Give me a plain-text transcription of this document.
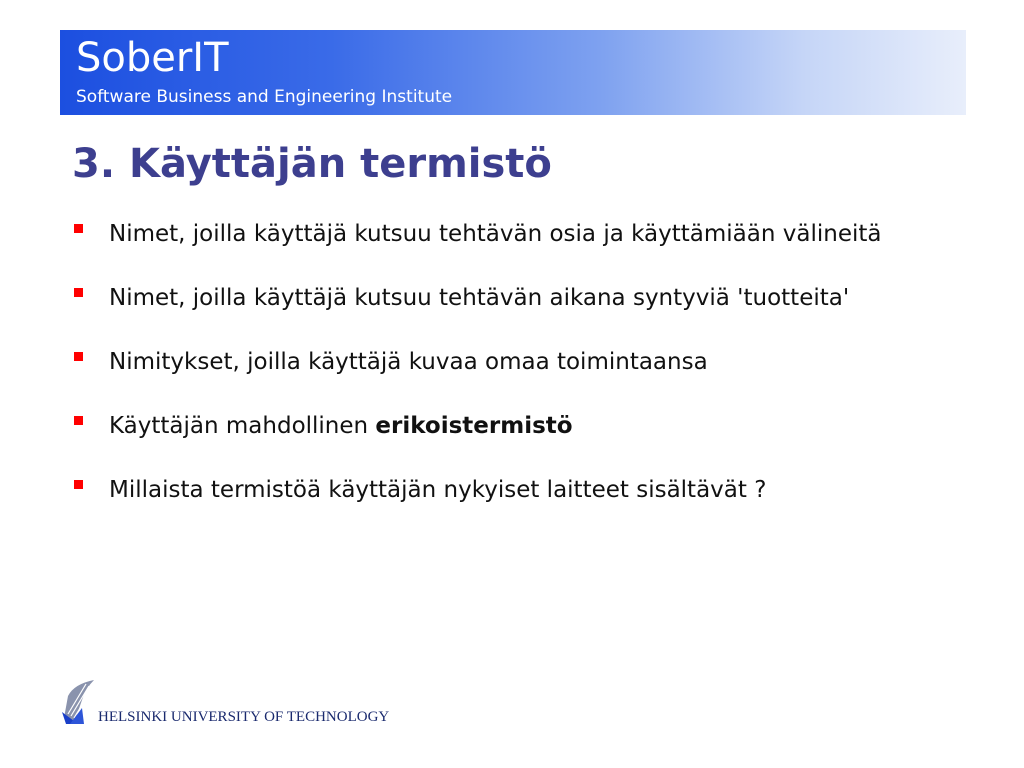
SoberIT
Software Business and Engineering Institute
3. Käyttäjän termistö
Nimet, joilla käyttäjä kutsuu tehtävän osia ja käyttämiään välineitä
Nimet, joilla käyttäjä kutsuu tehtävän aikana syntyviä 'tuotteita'
Nimitykset, joilla käyttäjä kuvaa omaa toimintaansa
Käyttäjän mahdollinen erikoistermistö
Millaista termistöä käyttäjän nykyiset laitteet sisältävät ?
HELSINKI UNIVERSITY OF TECHNOLOGY
